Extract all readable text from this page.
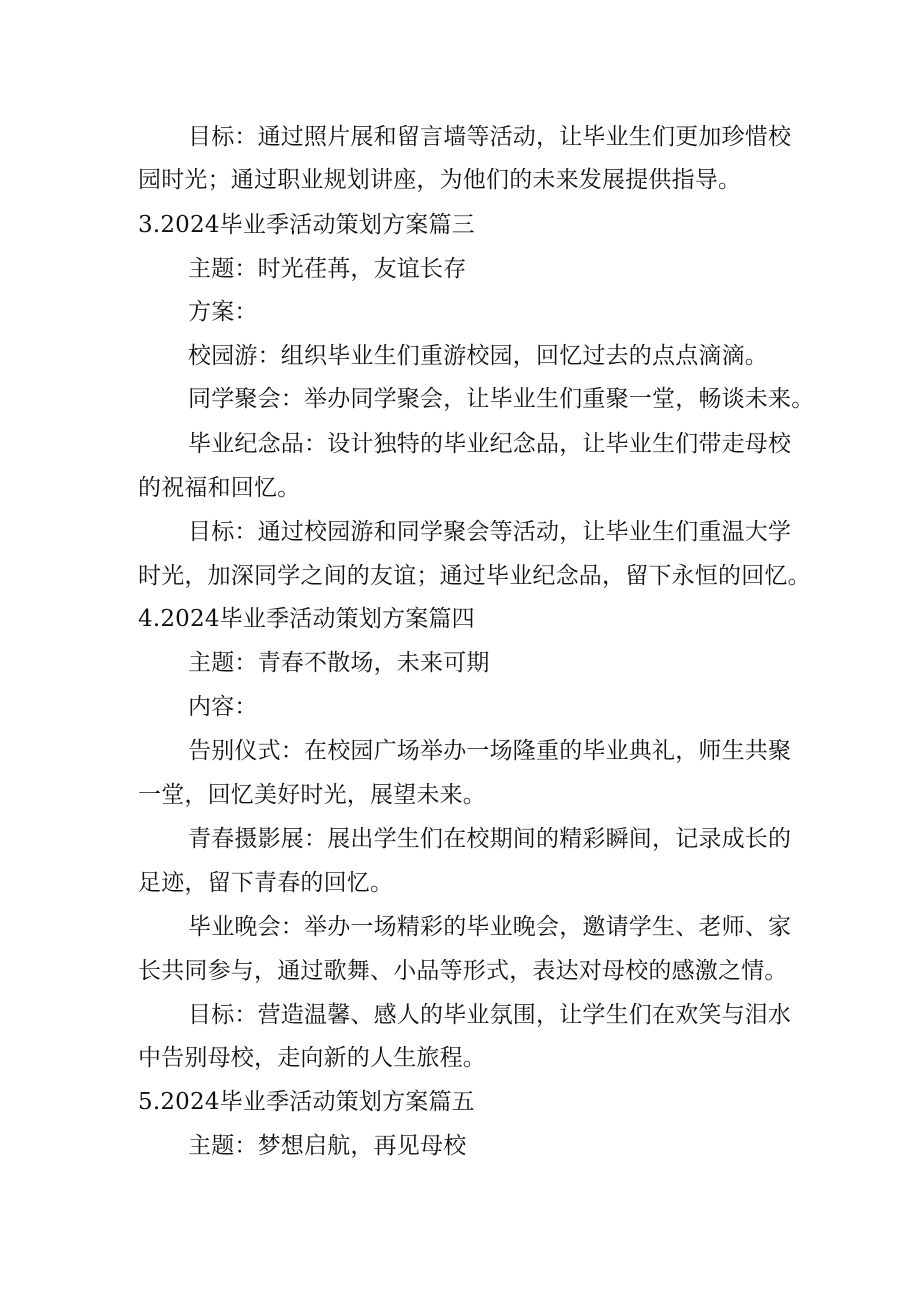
目标：通过照片展和留言墙等活动，让毕业生们更加珍惜校
园时光；通过职业规划讲座，为他们的未来发展提供指导。
3.2024毕业季活动策划方案篇三
主题：时光荏苒，友谊长存
方案：
校园游：组织毕业生们重游校园，回忆过去的点点滴滴。
同学聚会：举办同学聚会，让毕业生们重聚一堂，畅谈未来。
毕业纪念品：设计独特的毕业纪念品，让毕业生们带走母校
的祝福和回忆。
目标：通过校园游和同学聚会等活动，让毕业生们重温大学
时光，加深同学之间的友谊；通过毕业纪念品，留下永恒的回忆。
4.2024毕业季活动策划方案篇四
主题：青春不散场，未来可期
内容：
告别仪式：在校园广场举办一场隆重的毕业典礼，师生共聚
一堂，回忆美好时光，展望未来。
青春摄影展：展出学生们在校期间的精彩瞬间，记录成长的
足迹，留下青春的回忆。
毕业晚会：举办一场精彩的毕业晚会，邀请学生、老师、家
长共同参与，通过歌舞、小品等形式，表达对母校的感激之情。
目标：营造温馨、感人的毕业氛围，让学生们在欢笑与泪水
中告别母校，走向新的人生旅程。
5.2024毕业季活动策划方案篇五
主题：梦想启航，再见母校
